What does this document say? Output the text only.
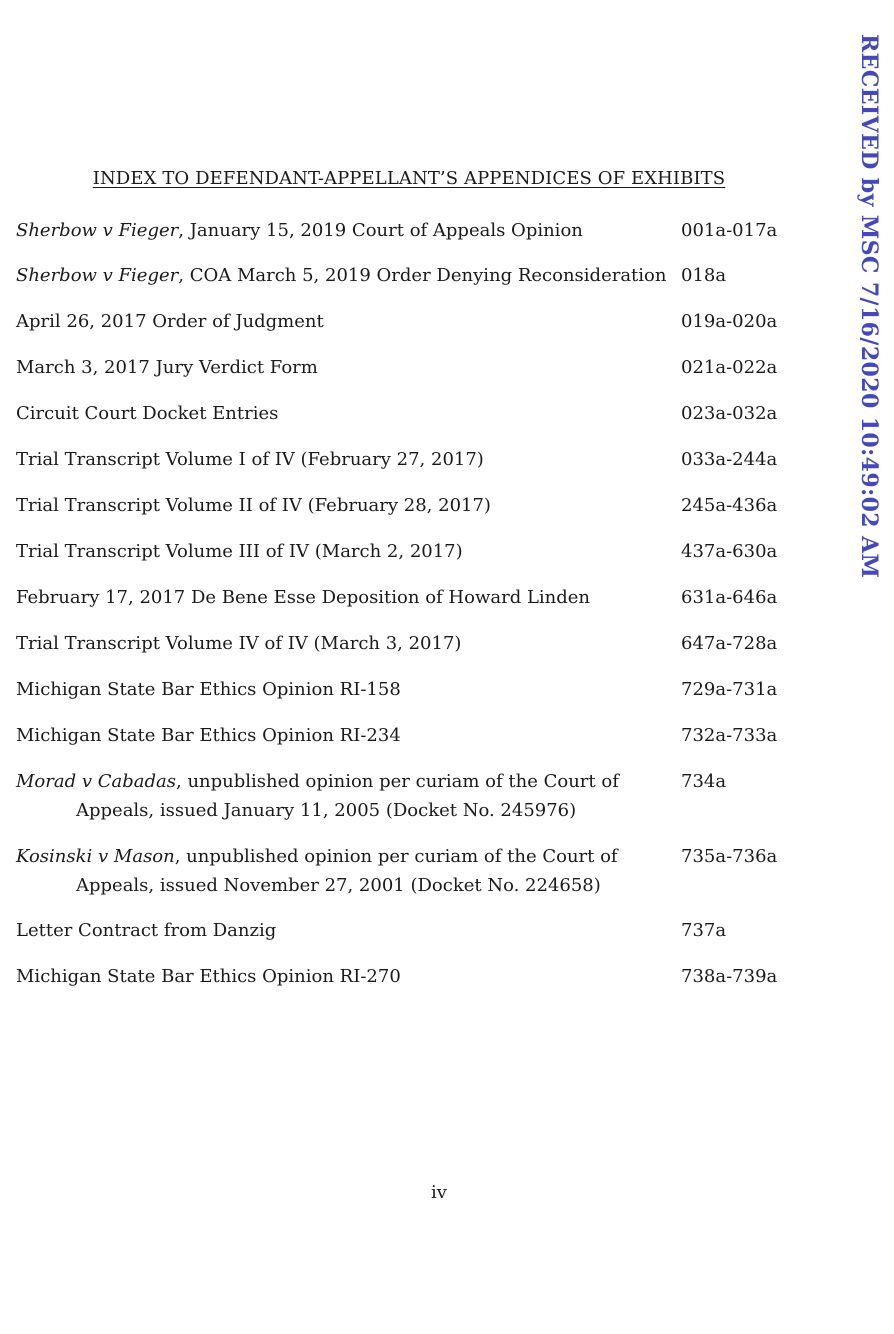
INDEX TO DEFENDANT-APPELLANT’S APPENDICES OF EXHIBITS
Sherbow v Fieger, January 15, 2019 Court of Appeals Opinion	001a-017a
Sherbow v Fieger, COA March 5, 2019 Order Denying Reconsideration 018a
April 26, 2017 Order of Judgment	019a-020a
March 3, 2017 Jury Verdict Form	021a-022a
Circuit Court Docket Entries	023a-032a
Trial Transcript Volume I of IV (February 27, 2017)	033a-244a
Trial Transcript Volume II of IV (February 28, 2017)	245a-436a
Trial Transcript Volume III of IV (March 2, 2017)	437a-630a
February 17, 2017 De Bene Esse Deposition of Howard Linden	631a-646a
Trial Transcript Volume IV of IV (March 3, 2017)	647a-728a
Michigan State Bar Ethics Opinion RI-158	729a-731a
Michigan State Bar Ethics Opinion RI-234	732a-733a
Morad v Cabadas, unpublished opinion per curiam of the Court of Appeals, issued January 11, 2005 (Docket No. 245976)
734a
Kosinski v Mason, unpublished opinion per curiam of the Court of Appeals, issued November 27, 2001 (Docket No. 224658)
735a-736a
Letter Contract from Danzig	737a
Michigan State Bar Ethics Opinion RI-270	738a-739a
RECEIVED by MSC 7/16/2020 10:49:02 AM
iv
